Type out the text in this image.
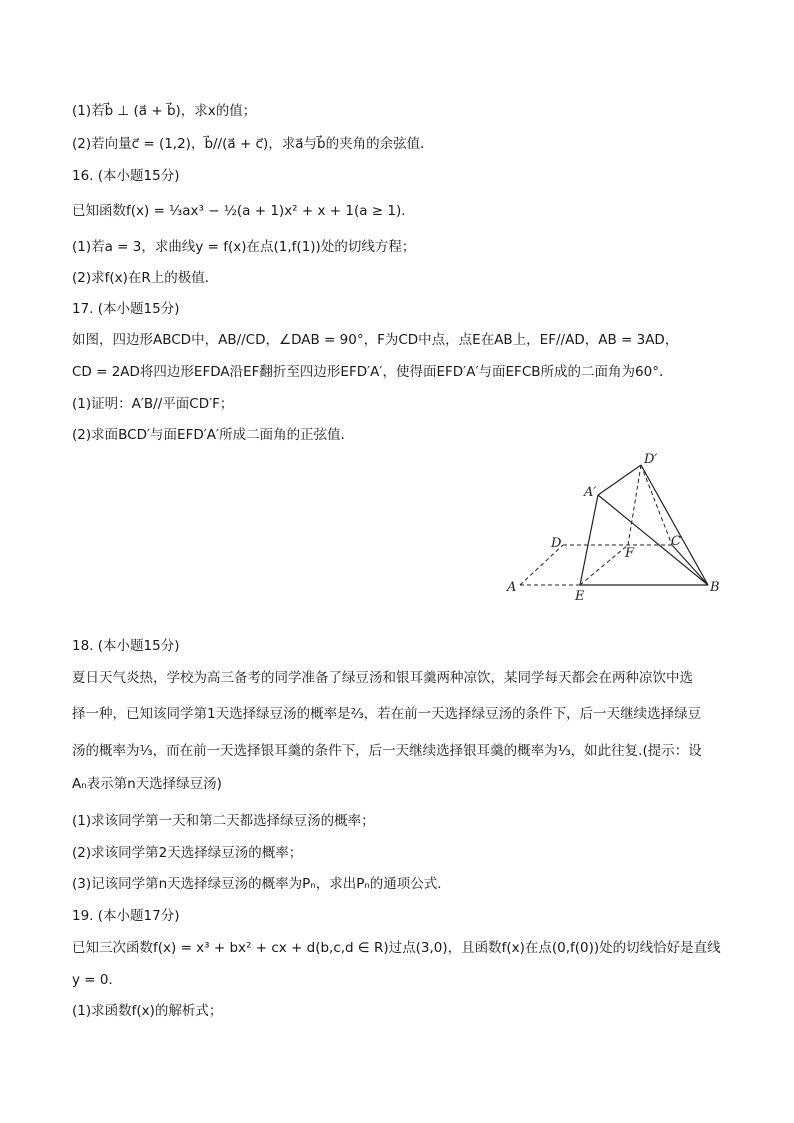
(1)若b⃗ ⊥ (a⃗ + b⃗)，求x的值；
(2)若向量c⃗ = (1,2)，b⃗//(a⃗ + c⃗)，求a⃗与b⃗的夹角的余弦值．
16. (本小题15分)
已知函数f(x) = ⅓ax³ − ½(a + 1)x² + x + 1(a ≥ 1)．
(1)若a = 3，求曲线y = f(x)在点(1,f(1))处的切线方程；
(2)求f(x)在R上的极值．
17. (本小题15分)
如图，四边形ABCD中，AB//CD，∠DAB = 90°，F为CD中点，点E在AB上，EF//AD，AB = 3AD，
CD = 2AD将四边形EFDA沿EF翻折至四边形EFD′A′，使得面EFD′A′与面EFCB所成的二面角为60°．
(1)证明：A′B//平面CD′F；
(2)求面BCD′与面EFD′A′所成二面角的正弦值．
18. (本小题15分)
夏日天气炎热，学校为高三备考的同学准备了绿豆汤和银耳羹两种凉饮，某同学每天都会在两种凉饮中选
择一种，已知该同学第1天选择绿豆汤的概率是⅔，若在前一天选择绿豆汤的条件下，后一天继续选择绿豆
汤的概率为⅓，而在前一天选择银耳羹的条件下，后一天继续选择银耳羹的概率为⅓，如此往复.(提示：设
Aₙ表示第n天选择绿豆汤)
(1)求该同学第一天和第二天都选择绿豆汤的概率；
(2)求该同学第2天选择绿豆汤的概率；
(3)记该同学第n天选择绿豆汤的概率为Pₙ，求出Pₙ的通项公式．
19. (本小题17分)
已知三次函数f(x) = x³ + bx² + cx + d(b,c,d ∈ R)过点(3,0)，且函数f(x)在点(0,f(0))处的切线恰好是直线
y = 0．
(1)求函数f(x)的解析式；
D′
A′
D	C
F
A
E
B
